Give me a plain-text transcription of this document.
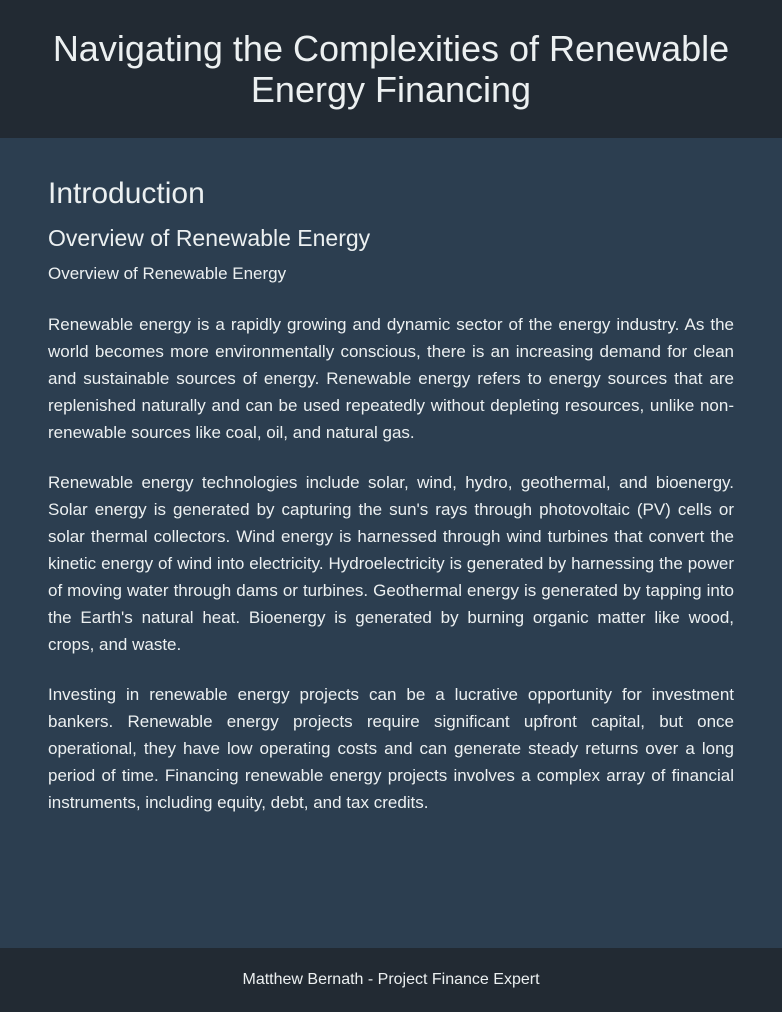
Navigating the Complexities of Renewable Energy Financing
Introduction
Overview of Renewable Energy

Overview of Renewable Energy

Renewable energy is a rapidly growing and dynamic sector of the energy industry. As the world becomes more environmentally conscious, there is an increasing demand for clean and sustainable sources of energy. Renewable energy refers to energy sources that are replenished naturally and can be used repeatedly without depleting resources, unlike non-renewable sources like coal, oil, and natural gas.

Renewable energy technologies include solar, wind, hydro, geothermal, and bioenergy. Solar energy is generated by capturing the sun's rays through photovoltaic (PV) cells or solar thermal collectors. Wind energy is harnessed through wind turbines that convert the kinetic energy of wind into electricity. Hydroelectricity is generated by harnessing the power of moving water through dams or turbines. Geothermal energy is generated by tapping into the Earth's natural heat. Bioenergy is generated by burning organic matter like wood, crops, and waste.

Investing in renewable energy projects can be a lucrative opportunity for investment bankers. Renewable energy projects require significant upfront capital, but once operational, they have low operating costs and can generate steady returns over a long period of time. Financing renewable energy projects involves a complex array of financial instruments, including equity, debt, and tax credits.

Matthew Bernath - Project Finance Expert
